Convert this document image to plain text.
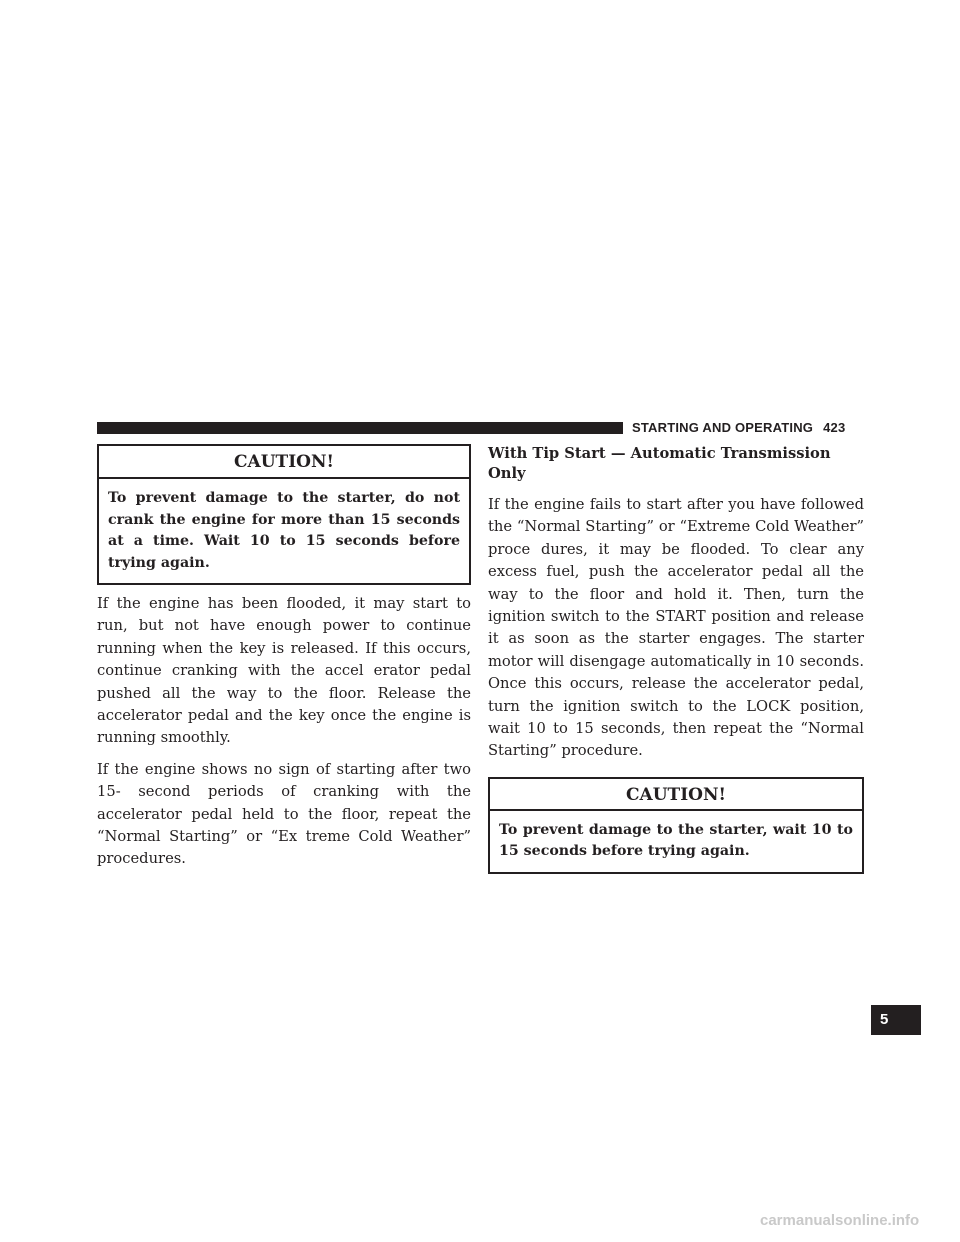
STARTING AND OPERATING 423
5
CAUTION!
To prevent damage to the starter, do not crank the engine for more than 15 seconds at a time. Wait 10 to 15 seconds before trying again.

If the engine has been flooded, it may start to run, but not have enough power to continue running when the key is released. If this occurs, continue cranking with the accel erator pedal pushed all the way to the floor. Release the accelerator pedal and the key once the engine is running smoothly.

If the engine shows no sign of starting after two 15- second periods of cranking with the accelerator pedal held to the floor, repeat the “Normal Starting” or “Ex treme Cold Weather” procedures.

With Tip Start — Automatic Transmission Only

If the engine fails to start after you have followed the “Normal Starting” or “Extreme Cold Weather” proce dures, it may be flooded. To clear any excess fuel, push the accelerator pedal all the way to the floor and hold it. Then, turn the ignition switch to the START position and release it as soon as the starter engages. The starter motor will disengage automatically in 10 seconds. Once this occurs, release the accelerator pedal, turn the ignition switch to the LOCK position, wait 10 to 15 seconds, then repeat the “Normal Starting” procedure.

CAUTION!
To prevent damage to the starter, wait 10 to 15 seconds before trying again.
carmanualsonline.info
